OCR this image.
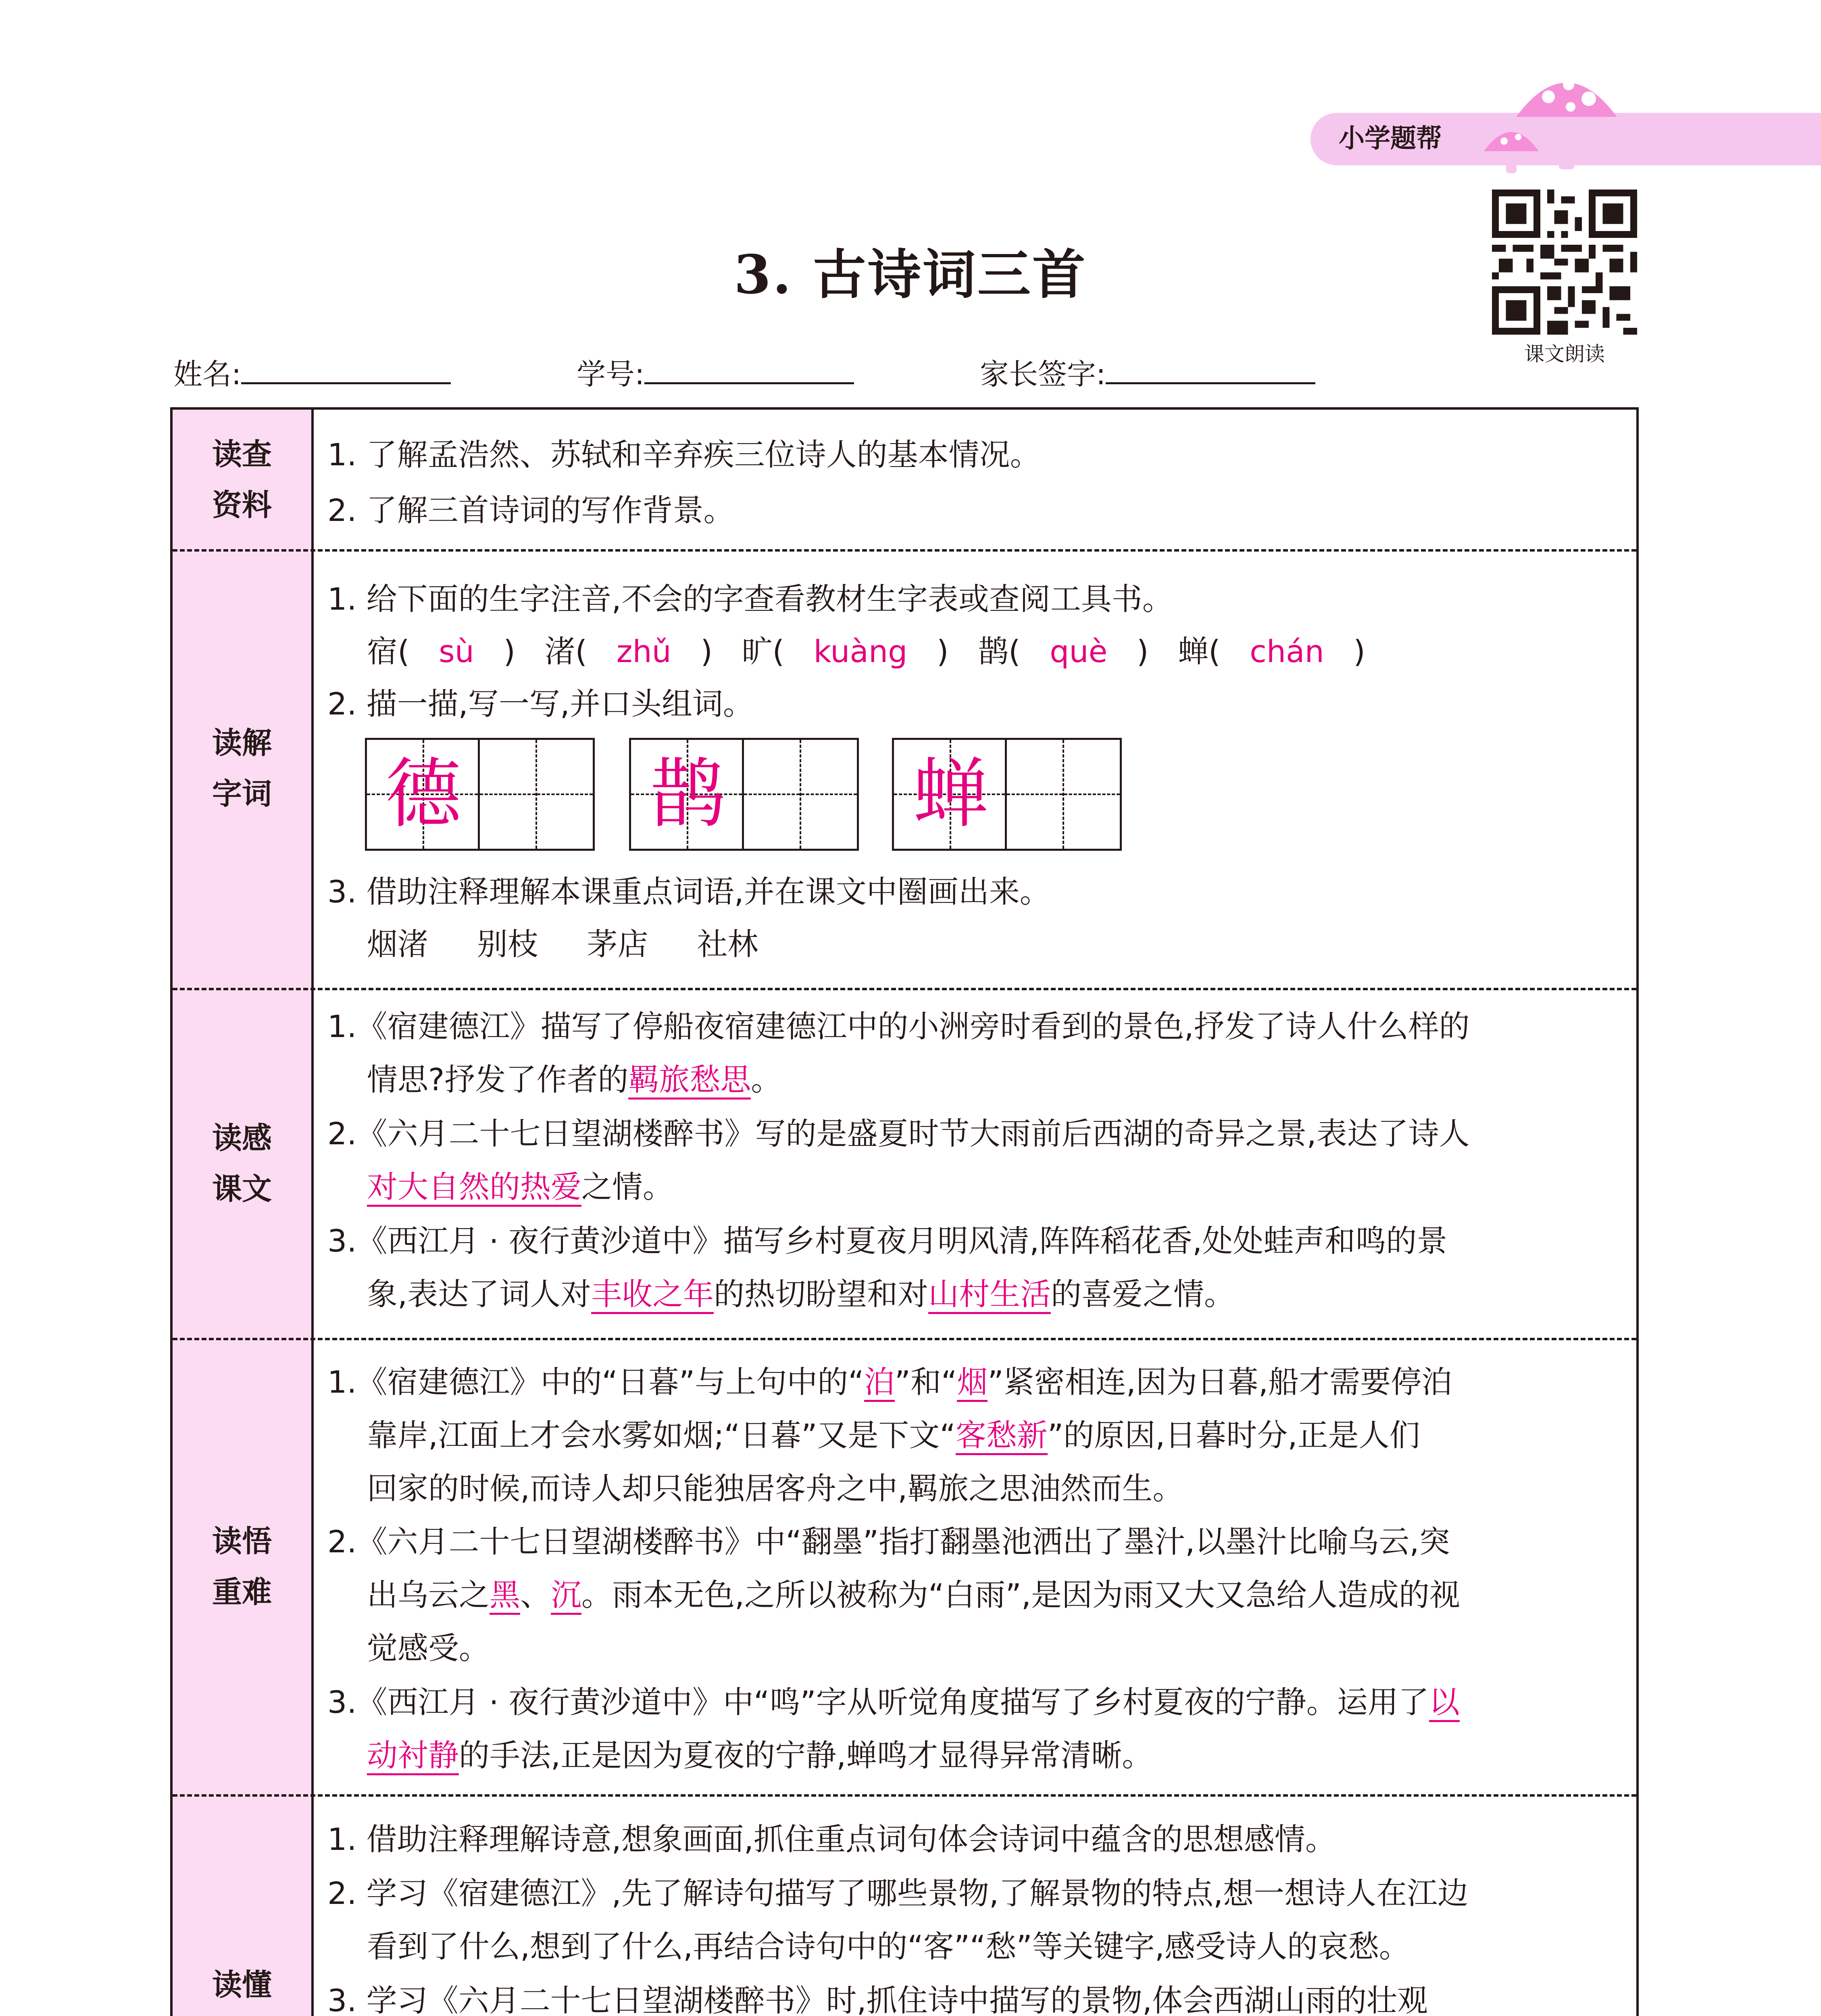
小学题帮
课文朗读
3. 古诗词三首
姓名:	学号:	家长签字:
读查
资料
1. 了解孟浩然、苏轼和辛弃疾三位诗人的基本情况。
2. 了解三首诗词的写作背景。
读解
字词
1. 给下面的生字注音,不会的字查看教材生字表或查阅工具书。
宿(   sù   )   渚(   zhǔ   )   旷(   kuàng   )   鹊(   què   )   蝉(   chán   )
2. 描一描,写一写,并口头组词。
德 鹊 蝉
3. 借助注释理解本课重点词语,并在课文中圈画出来。
烟渚 别枝 茅店 社林
读感
课文
1.《宿建德江》描写了停船夜宿建德江中的小洲旁时看到的景色,抒发了诗人什么样的
情思?抒发了作者的羁旅愁思。
2.《六月二十七日望湖楼醉书》写的是盛夏时节大雨前后西湖的奇异之景,表达了诗人
对大自然的热爱之情。
3.《西江月 · 夜行黄沙道中》描写乡村夏夜月明风清,阵阵稻花香,处处蛙声和鸣的景
象,表达了词人对丰收之年的热切盼望和对山村生活的喜爱之情。
读悟
重难
1.《宿建德江》中的“日暮”与上句中的“泊”和“烟”紧密相连,因为日暮,船才需要停泊
靠岸,江面上才会水雾如烟;“日暮”又是下文“客愁新”的原因,日暮时分,正是人们
回家的时候,而诗人却只能独居客舟之中,羁旅之思油然而生。
2.《六月二十七日望湖楼醉书》中“翻墨”指打翻墨池洒出了墨汁,以墨汁比喻乌云,突
出乌云之黑、沉。雨本无色,之所以被称为“白雨”,是因为雨又大又急给人造成的视
觉感受。
3.《西江月 · 夜行黄沙道中》中“鸣”字从听觉角度描写了乡村夏夜的宁静。运用了以
动衬静的手法,正是因为夏夜的宁静,蝉鸣才显得异常清晰。
读懂
1. 借助注释理解诗意,想象画面,抓住重点词句体会诗词中蕴含的思想感情。
2. 学习《宿建德江》,先了解诗句描写了哪些景物,了解景物的特点,想一想诗人在江边
看到了什么,想到了什么,再结合诗句中的“客”“愁”等关键字,感受诗人的哀愁。
3. 学习《六月二十七日望湖楼醉书》时,抓住诗中描写的景物,体会西湖山雨的壮观
